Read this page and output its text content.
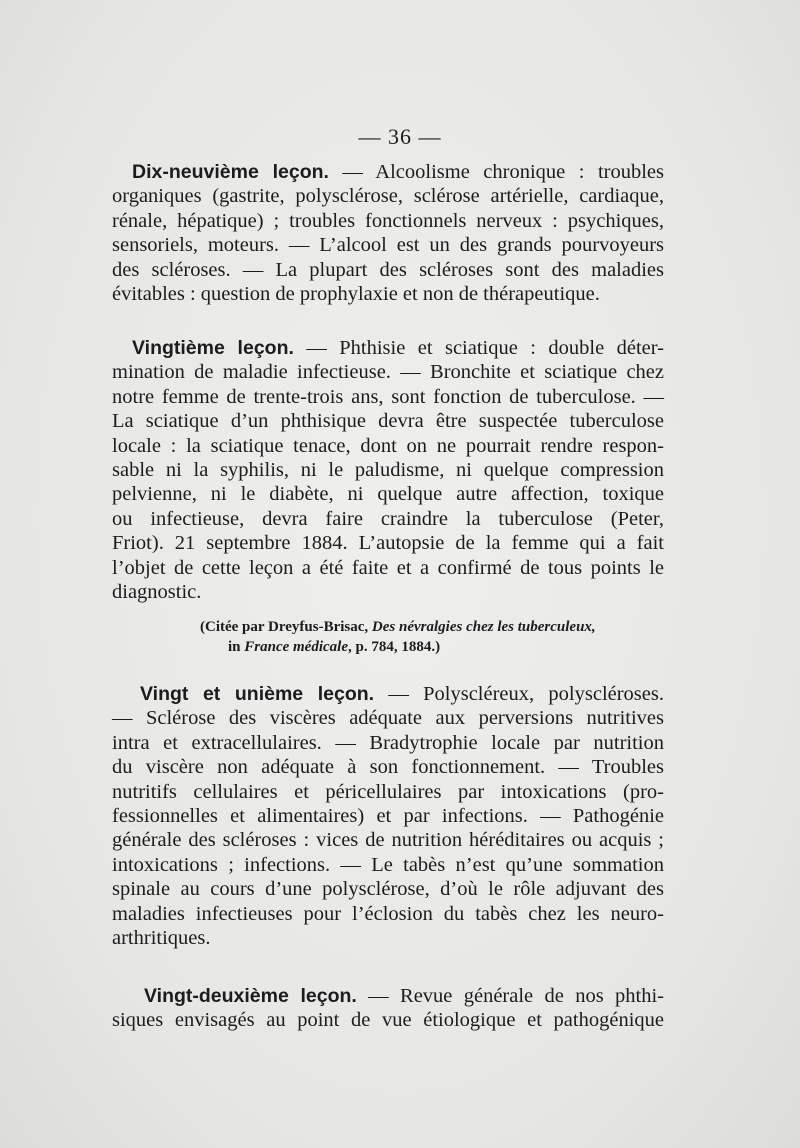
— 36 —
Dix-neuvième leçon. — Alcoolisme chronique : troubles
organiques (gastrite, polysclérose, sclérose artérielle, cardiaque,
rénale, hépatique) ; troubles fonctionnels nerveux : psychiques,
sensoriels, moteurs. — L’alcool est un des grands pourvoyeurs
des scléroses. — La plupart des scléroses sont des maladies
évitables : question de prophylaxie et non de thérapeutique.
Vingtième leçon. — Phthisie et sciatique : double déter-
mination de maladie infectieuse. — Bronchite et sciatique chez
notre femme de trente-trois ans, sont fonction de tuberculose. —
La sciatique d’un phthisique devra être suspectée tuberculose
locale : la sciatique tenace, dont on ne pourrait rendre respon-
sable ni la syphilis, ni le paludisme, ni quelque compression
pelvienne, ni le diabète, ni quelque autre affection, toxique
ou infectieuse, devra faire craindre la tuberculose (Peter,
Friot). 21 septembre 1884. L’autopsie de la femme qui a fait
l’objet de cette leçon a été faite et a confirmé de tous points le
diagnostic.
(Citée par Dreyfus-Brisac, Des névralgies chez les tuberculeux,
in France médicale, p. 784, 1884.)
Vingt et unième leçon. — Polyscléreux, polyscléroses.
— Sclérose des viscères adéquate aux perversions nutritives
intra et extracellulaires. — Bradytrophie locale par nutrition
du viscère non adéquate à son fonctionnement. — Troubles
nutritifs cellulaires et péricellulaires par intoxications (pro-
fessionnelles et alimentaires) et par infections. — Pathogénie
générale des scléroses : vices de nutrition héréditaires ou acquis ;
intoxications ; infections. — Le tabès n’est qu’une sommation
spinale au cours d’une polysclérose, d’où le rôle adjuvant des
maladies infectieuses pour l’éclosion du tabès chez les neuro-
arthritiques.
Vingt-deuxième leçon. — Revue générale de nos phthi-
siques envisagés au point de vue étiologique et pathogénique
